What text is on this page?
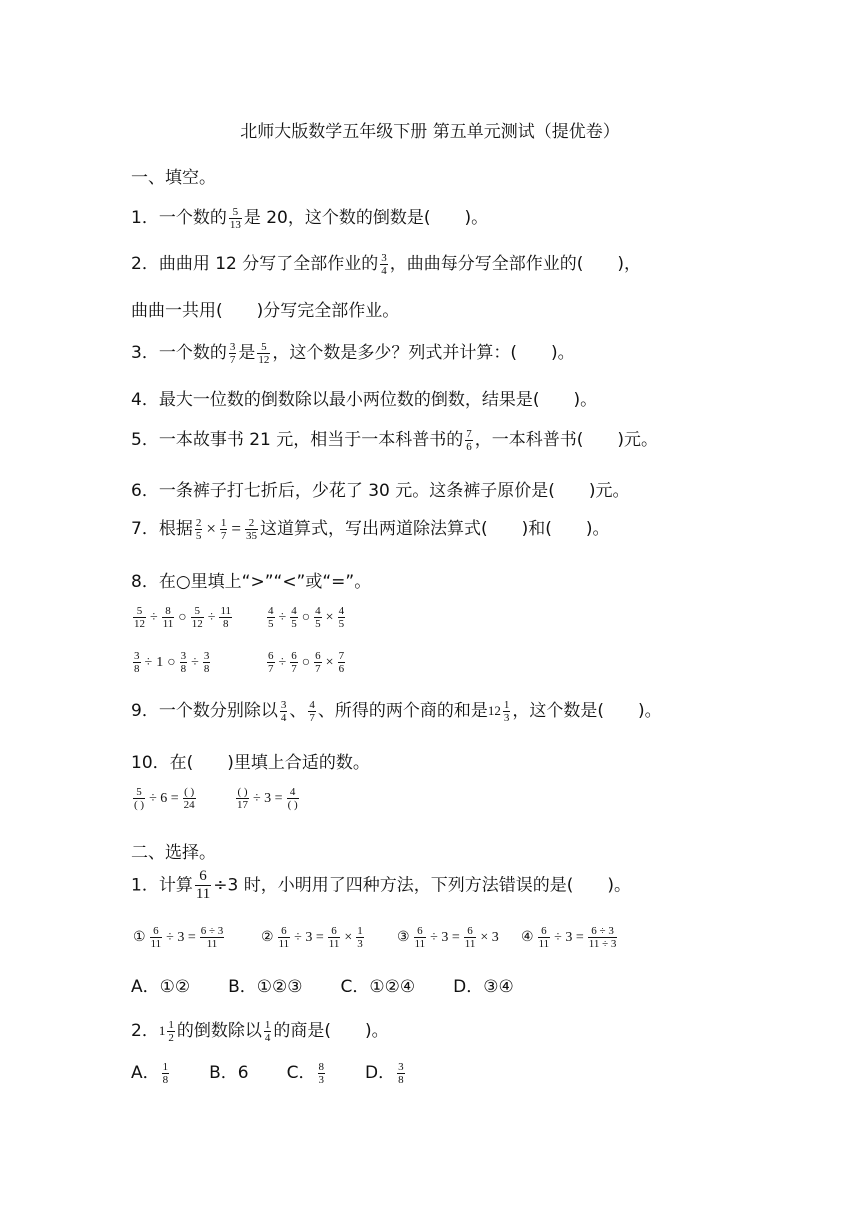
北师大版数学五年级下册 第五单元测试（提优卷）
一、填空。
1．一个数的 $\frac{5}{13}$ 是 20，这个数的倒数是(　　)。
2．曲曲用 12 分写了全部作业的 $\frac{3}{4}$ ，曲曲每分写全部作业的(　　)，
曲曲一共用(　　)分写完全部作业。
3．一个数的 $\frac{3}{7}$ 是 $\frac{5}{12}$ ，这个数是多少？列式并计算：(　　)。
4．最大一位数的倒数除以最小两位数的倒数，结果是(　　)。
5．一本故事书 21 元，相当于一本科普书的 $\frac{7}{6}$ ，一本科普书(　　)元。
6．一条裤子打七折后，少花了 30 元。这条裤子原价是(　　)元。
7．根据 $\frac{2}{5} \times \frac{1}{7} = \frac{2}{35}$ 这道算式，写出两道除法算式(　　)和(　　)。
8．在○里填上“>”“<”或“=”。
$\frac{5}{12} \div \frac{8}{11}$ ○ $\frac{5}{12} \div \frac{11}{8}$	$\frac{4}{5} \div \frac{4}{5}$ ○ $\frac{4}{5} \times \frac{4}{5}$
$\frac{3}{8} \div 1$ ○ $\frac{3}{8} \div \frac{3}{8}$	$\frac{6}{7} \div \frac{6}{7}$ ○ $\frac{6}{7} \times \frac{7}{6}$
9．一个数分别除以 $\frac{3}{4}$ 、 $\frac{4}{7}$ 、所得的两个商的和是$12 \frac{1}{3}$ ，这个数是(　　)。
10．在(　　)里填上合适的数。
5
( ) ÷ 6 = ( )
24
( )
17 ÷ 3 = 4
( )
二、选择。
1．计算 $\frac{6}{11} \div 3$ 时，小明用了四种方法，下列方法错误的是(　　)。
① $\frac{6}{11} \div 3 = \frac{6 \div 3}{11}$	② $\frac{6}{11} \div 3 = \frac{6}{11} \times \frac{1}{3}$ ③ $\frac{6}{11} \div 3 = \frac{6}{11} \times 3$ ④ $\frac{6}{11} \div 3 = \frac{6 \div 3}{11 \div 3}$
A．①② B．①②③ C．①②④ D．③④
2．$1 \frac{1}{2}$ 的倒数除以 $\frac{1}{4}$ 的商是(　　)。
A． $\frac{1}{8}$ B．6 C． $\frac{8}{3}$ D． $\frac{3}{8}$
